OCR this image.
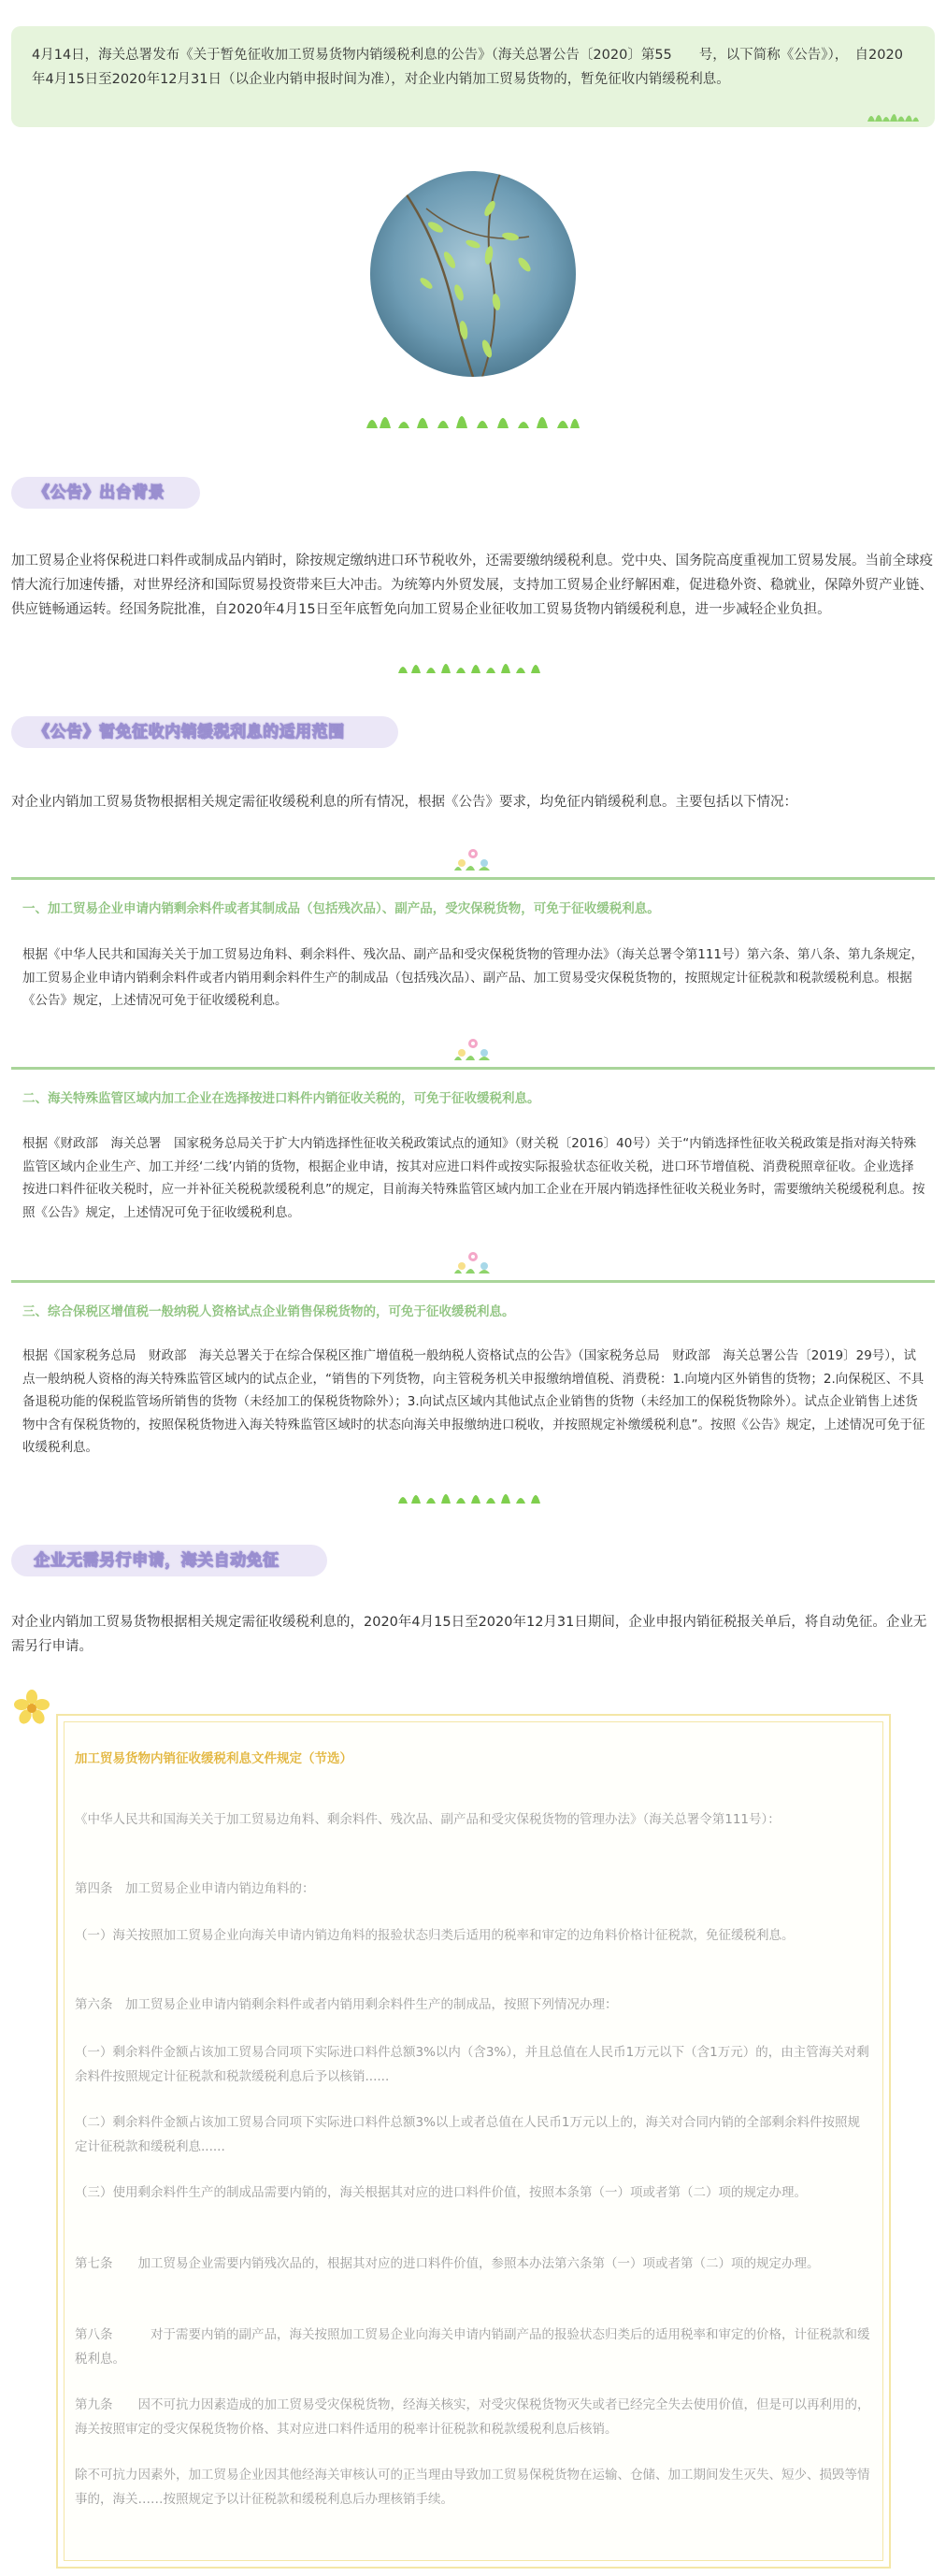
4月14日，海关总署发布《关于暂免征收加工贸易货物内销缓税利息的公告》（海关总署公告〔2020〕第55　　号，以下简称《公告》），　自2020年4月15日至2020年12月31日（以企业内销申报时间为准），对企业内销加工贸易货物的，暂免征收内销缓税利息。

《公告》出台背景

加工贸易企业将保税进口料件或制成品内销时，除按规定缴纳进口环节税收外，还需要缴纳缓税利息。党中央、国务院高度重视加工贸易发展。当前全球疫情大流行加速传播，对世界经济和国际贸易投资带来巨大冲击。为统筹内外贸发展，支持加工贸易企业纾解困难，促进稳外资、稳就业，保障外贸产业链、供应链畅通运转。经国务院批准，自2020年4月15日至年底暂免向加工贸易企业征收加工贸易货物内销缓税利息，进一步减轻企业负担。

《公告》暂免征收内销缓税利息的适用范围

对企业内销加工贸易货物根据相关规定需征收缓税利息的所有情况，根据《公告》要求，均免征内销缓税利息。主要包括以下情况：

一、加工贸易企业申请内销剩余料件或者其制成品（包括残次品）、副产品，受灾保税货物，可免于征收缓税利息。

根据《中华人民共和国海关关于加工贸易边角料、剩余料件、残次品、副产品和受灾保税货物的管理办法》（海关总署令第111号）第六条、第八条、第九条规定，加工贸易企业申请内销剩余料件或者内销用剩余料件生产的制成品（包括残次品）、副产品、加工贸易受灾保税货物的，按照规定计征税款和税款缓税利息。根据《公告》规定，上述情况可免于征收缓税利息。

二、海关特殊监管区域内加工企业在选择按进口料件内销征收关税的，可免于征收缓税利息。

根据《财政部　海关总署　国家税务总局关于扩大内销选择性征收关税政策试点的通知》（财关税〔2016〕40号）关于“内销选择性征收关税政策是指对海关特殊监管区域内企业生产、加工并经‘二线’内销的货物，根据企业申请，按其对应进口料件或按实际报验状态征收关税，进口环节增值税、消费税照章征收。企业选择按进口料件征收关税时，应一并补征关税税款缓税利息”的规定，目前海关特殊监管区域内加工企业在开展内销选择性征收关税业务时，需要缴纳关税缓税利息。按照《公告》规定，上述情况可免于征收缓税利息。

三、综合保税区增值税一般纳税人资格试点企业销售保税货物的，可免于征收缓税利息。

根据《国家税务总局　财政部　海关总署关于在综合保税区推广增值税一般纳税人资格试点的公告》（国家税务总局　财政部　海关总署公告〔2019〕29号），试点一般纳税人资格的海关特殊监管区域内的试点企业，“销售的下列货物，向主管税务机关申报缴纳增值税、消费税：1.向境内区外销售的货物；2.向保税区、不具备退税功能的保税监管场所销售的货物（未经加工的保税货物除外）；3.向试点区域内其他试点企业销售的货物（未经加工的保税货物除外）。试点企业销售上述货物中含有保税货物的，按照保税货物进入海关特殊监管区域时的状态向海关申报缴纳进口税收，并按照规定补缴缓税利息”。按照《公告》规定，上述情况可免于征收缓税利息。

企业无需另行申请，海关自动免征

对企业内销加工贸易货物根据相关规定需征收缓税利息的，2020年4月15日至2020年12月31日期间，企业申报内销征税报关单后，将自动免征。企业无需另行申请。

加工贸易货物内销征收缓税利息文件规定（节选）

《中华人民共和国海关关于加工贸易边角料、剩余料件、残次品、副产品和受灾保税货物的管理办法》（海关总署令第111号）：

第四条　加工贸易企业申请内销边角料的：

（一）海关按照加工贸易企业向海关申请内销边角料的报验状态归类后适用的税率和审定的边角料价格计征税款，免征缓税利息。

第六条　加工贸易企业申请内销剩余料件或者内销用剩余料件生产的制成品，按照下列情况办理：

（一）剩余料件金额占该加工贸易合同项下实际进口料件总额3%以内（含3%），并且总值在人民币1万元以下（含1万元）的，由主管海关对剩余料件按照规定计征税款和税款缓税利息后予以核销......

（二）剩余料件金额占该加工贸易合同项下实际进口料件总额3%以上或者总值在人民币1万元以上的，海关对合同内销的全部剩余料件按照规定计征税款和缓税利息......

（三）使用剩余料件生产的制成品需要内销的，海关根据其对应的进口料件价值，按照本条第（一）项或者第（二）项的规定办理。

第七条　　加工贸易企业需要内销残次品的，根据其对应的进口料件价值，参照本办法第六条第（一）项或者第（二）项的规定办理。

第八条　　　对于需要内销的副产品，海关按照加工贸易企业向海关申请内销副产品的报验状态归类后的适用税率和审定的价格，计征税款和缓税利息。

第九条　　因不可抗力因素造成的加工贸易受灾保税货物，经海关核实，对受灾保税货物灭失或者已经完全失去使用价值，但是可以再利用的，海关按照审定的受灾保税货物价格、其对应进口料件适用的税率计征税款和税款缓税利息后核销。

除不可抗力因素外，加工贸易企业因其他经海关审核认可的正当理由导致加工贸易保税货物在运输、仓储、加工期间发生灭失、短少、损毁等情事的，海关……按照规定予以计征税款和缓税利息后办理核销手续。
